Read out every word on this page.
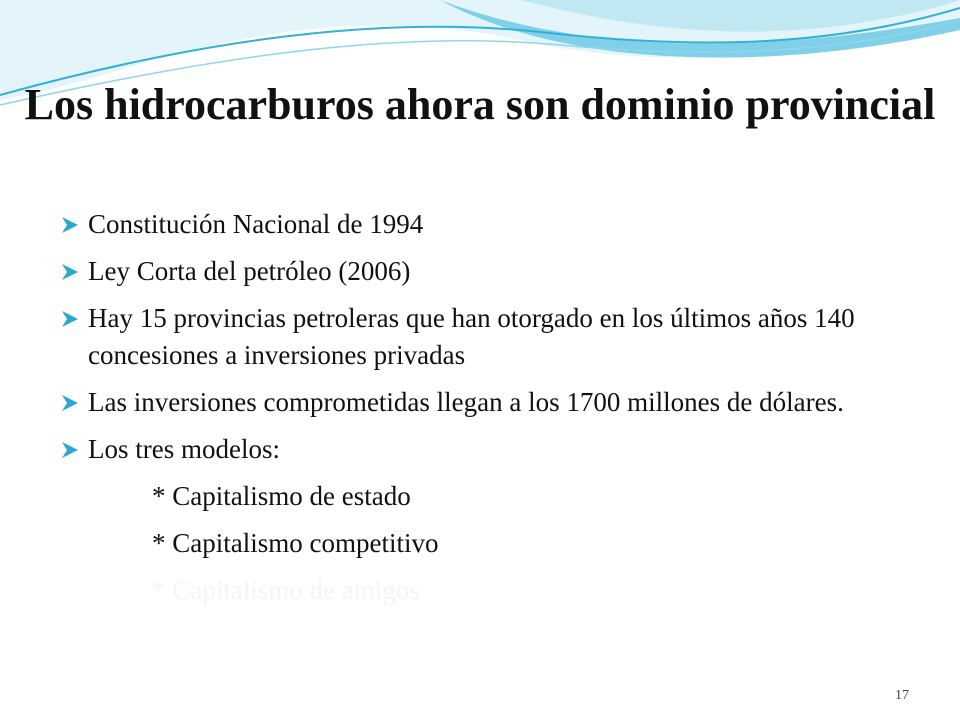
Los hidrocarburos ahora son dominio provincial
Constitución Nacional de 1994
Ley Corta del petróleo (2006)
Hay 15 provincias petroleras que han otorgado en los últimos años 140 concesiones a inversiones privadas
Las inversiones comprometidas llegan a los 1700 millones de dólares.
Los tres modelos:
* Capitalismo de estado
* Capitalismo competitivo
* Capitalismo de amigos
17
